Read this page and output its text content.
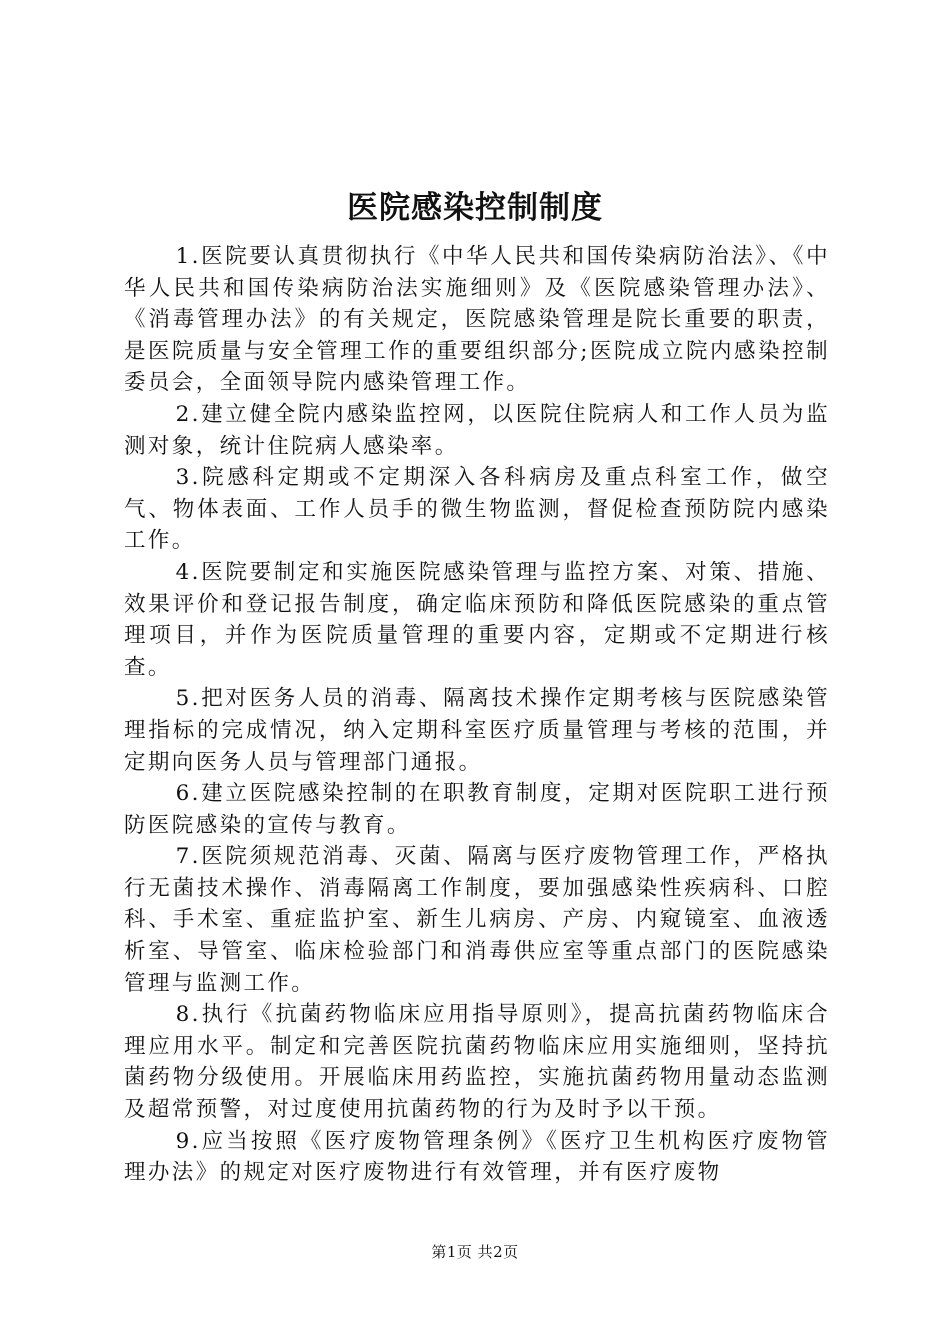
医院感染控制制度

1.医院要认真贯彻执行《中华人民共和国传染病防治法》、《中华人民共和国传染病防治法实施细则》及《医院感染管理办法》、《消毒管理办法》的有关规定，医院感染管理是院长重要的职责，是医院质量与安全管理工作的重要组织部分;医院成立院内感染控制委员会，全面领导院内感染管理工作。

2.建立健全院内感染监控网，以医院住院病人和工作人员为监测对象，统计住院病人感染率。

3.院感科定期或不定期深入各科病房及重点科室工作，做空气、物体表面、工作人员手的微生物监测，督促检查预防院内感染工作。

4.医院要制定和实施医院感染管理与监控方案、对策、措施、效果评价和登记报告制度，确定临床预防和降低医院感染的重点管理项目，并作为医院质量管理的重要内容，定期或不定期进行核查。

5.把对医务人员的消毒、隔离技术操作定期考核与医院感染管理指标的完成情况，纳入定期科室医疗质量管理与考核的范围，并定期向医务人员与管理部门通报。

6.建立医院感染控制的在职教育制度，定期对医院职工进行预防医院感染的宣传与教育。

7.医院须规范消毒、灭菌、隔离与医疗废物管理工作，严格执行无菌技术操作、消毒隔离工作制度，要加强感染性疾病科、口腔科、手术室、重症监护室、新生儿病房、产房、内窥镜室、血液透析室、导管室、临床检验部门和消毒供应室等重点部门的医院感染管理与监测工作。

8.执行《抗菌药物临床应用指导原则》，提高抗菌药物临床合理应用水平。制定和完善医院抗菌药物临床应用实施细则，坚持抗菌药物分级使用。开展临床用药监控，实施抗菌药物用量动态监测及超常预警，对过度使用抗菌药物的行为及时予以干预。

9.应当按照《医疗废物管理条例》《医疗卫生机构医疗废物管理办法》的规定对医疗废物进行有效管理，并有医疗废物

第1页 共2页
